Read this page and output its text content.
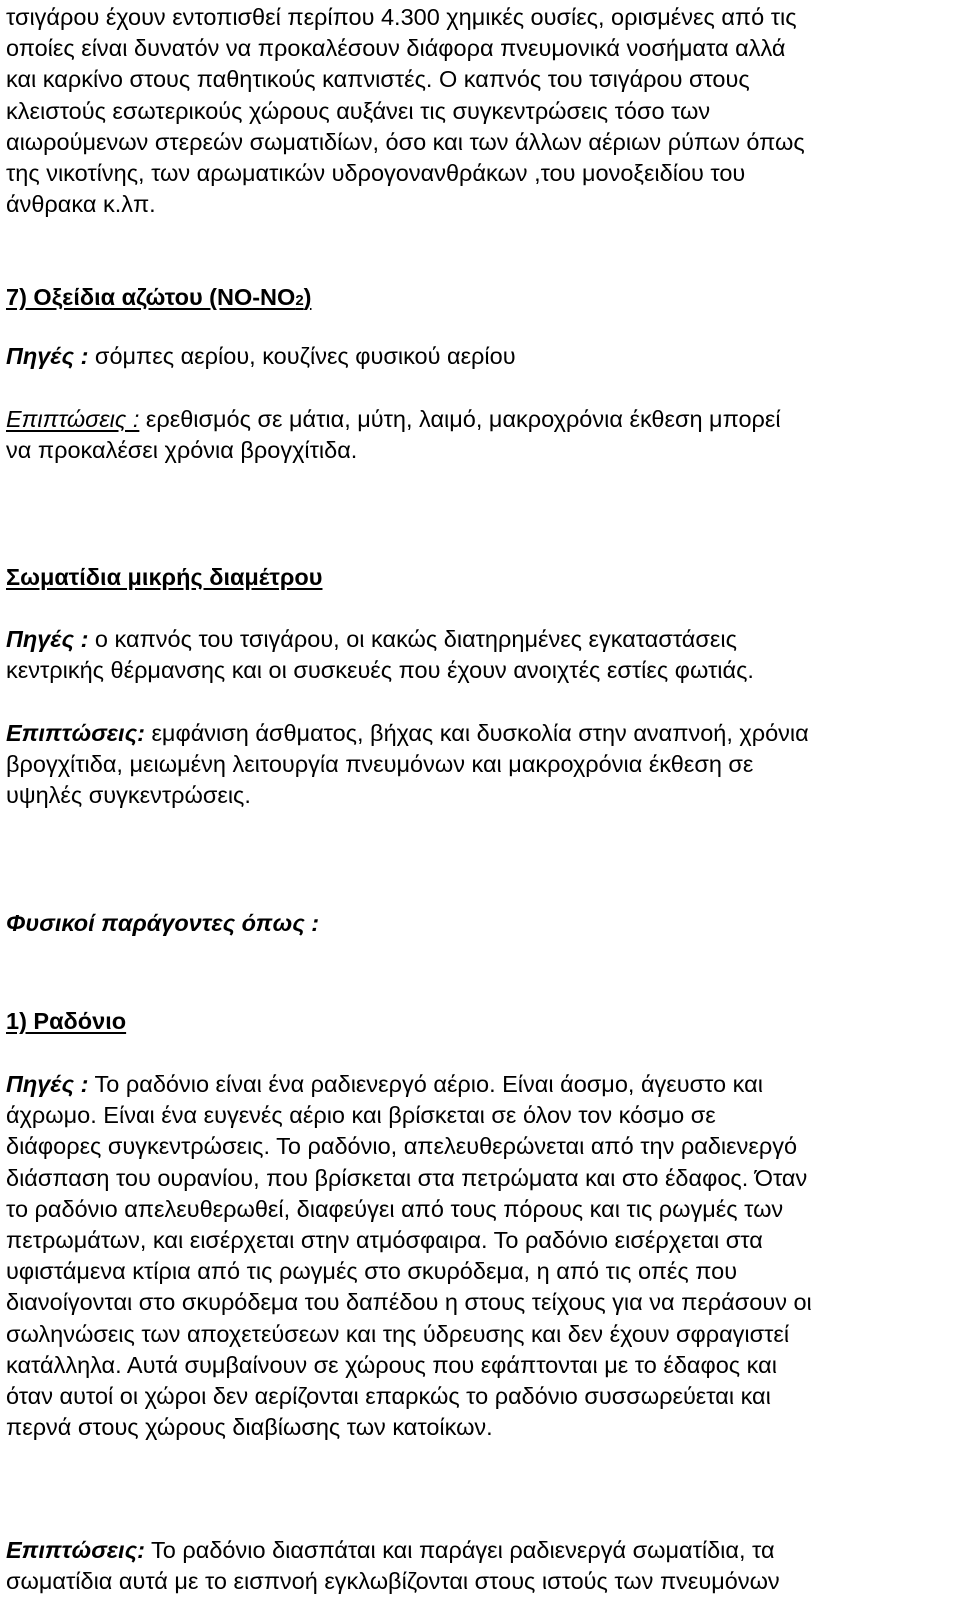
τσιγάρου έχουν εντοπισθεί περίπου 4.300 χημικές ουσίες, ορισμένες από τις
οποίες είναι δυνατόν να προκαλέσουν διάφορα πνευμονικά νοσήματα αλλά
και καρκίνο στους παθητικούς καπνιστές. Ο καπνός του τσιγάρου στους
κλειστούς εσωτερικούς χώρους αυξάνει τις συγκεντρώσεις τόσο των
αιωρούμενων στερεών σωματιδίων, όσο και των άλλων αέριων ρύπων όπως
της νικοτίνης, των αρωματικών υδρογονανθράκων ,του μονοξειδίου του
άνθρακα κ.λπ.
7) Οξείδια αζώτου (NO-NO2)
Πηγές : σόμπες αερίου, κουζίνες φυσικού αερίου
Επιπτώσεις : ερεθισμός σε μάτια, μύτη, λαιμό, μακροχρόνια έκθεση μπορεί
να προκαλέσει χρόνια βρογχίτιδα.
Σωματίδια μικρής διαμέτρου
Πηγές : ο καπνός του τσιγάρου, οι κακώς διατηρημένες εγκαταστάσεις
κεντρικής θέρμανσης και οι συσκευές που έχουν ανοιχτές εστίες φωτιάς.
Επιπτώσεις: εμφάνιση άσθματος, βήχας και δυσκολία στην αναπνοή, χρόνια
βρογχίτιδα, μειωμένη λειτουργία πνευμόνων και μακροχρόνια έκθεση σε
υψηλές συγκεντρώσεις.
Φυσικοί παράγοντες όπως :
1) Ραδόνιο
Πηγές : Το ραδόνιο είναι ένα ραδιενεργό αέριο. Είναι άοσμο, άγευστο και
άχρωμο. Είναι ένα ευγενές αέριο και βρίσκεται σε όλον τον κόσμο σε
διάφορες συγκεντρώσεις. Το ραδόνιο, απελευθερώνεται από την ραδιενεργό
διάσπαση του ουρανίου, που βρίσκεται στα πετρώματα και στο έδαφος. Όταν
το ραδόνιο απελευθερωθεί, διαφεύγει από τους πόρους και τις ρωγμές των
πετρωμάτων, και εισέρχεται στην ατμόσφαιρα. Το ραδόνιο εισέρχεται στα
υφιστάμενα κτίρια από τις ρωγμές στο σκυρόδεμα, η από τις οπές που
διανοίγονται στο σκυρόδεμα του δαπέδου η στους τείχους για να περάσουν οι
σωληνώσεις των αποχετεύσεων και της ύδρευσης και δεν έχουν σφραγιστεί
κατάλληλα. Αυτά συμβαίνουν σε χώρους που εφάπτονται με το έδαφος και
όταν αυτοί οι χώροι δεν αερίζονται επαρκώς το ραδόνιο συσσωρεύεται και
περνά στους χώρους διαβίωσης των κατοίκων.
Επιπτώσεις: Το ραδόνιο διασπάται και παράγει ραδιενεργά σωματίδια, τα
σωματίδια αυτά με το εισπνοή εγκλωβίζονται στους ιστούς των πνευμόνων
